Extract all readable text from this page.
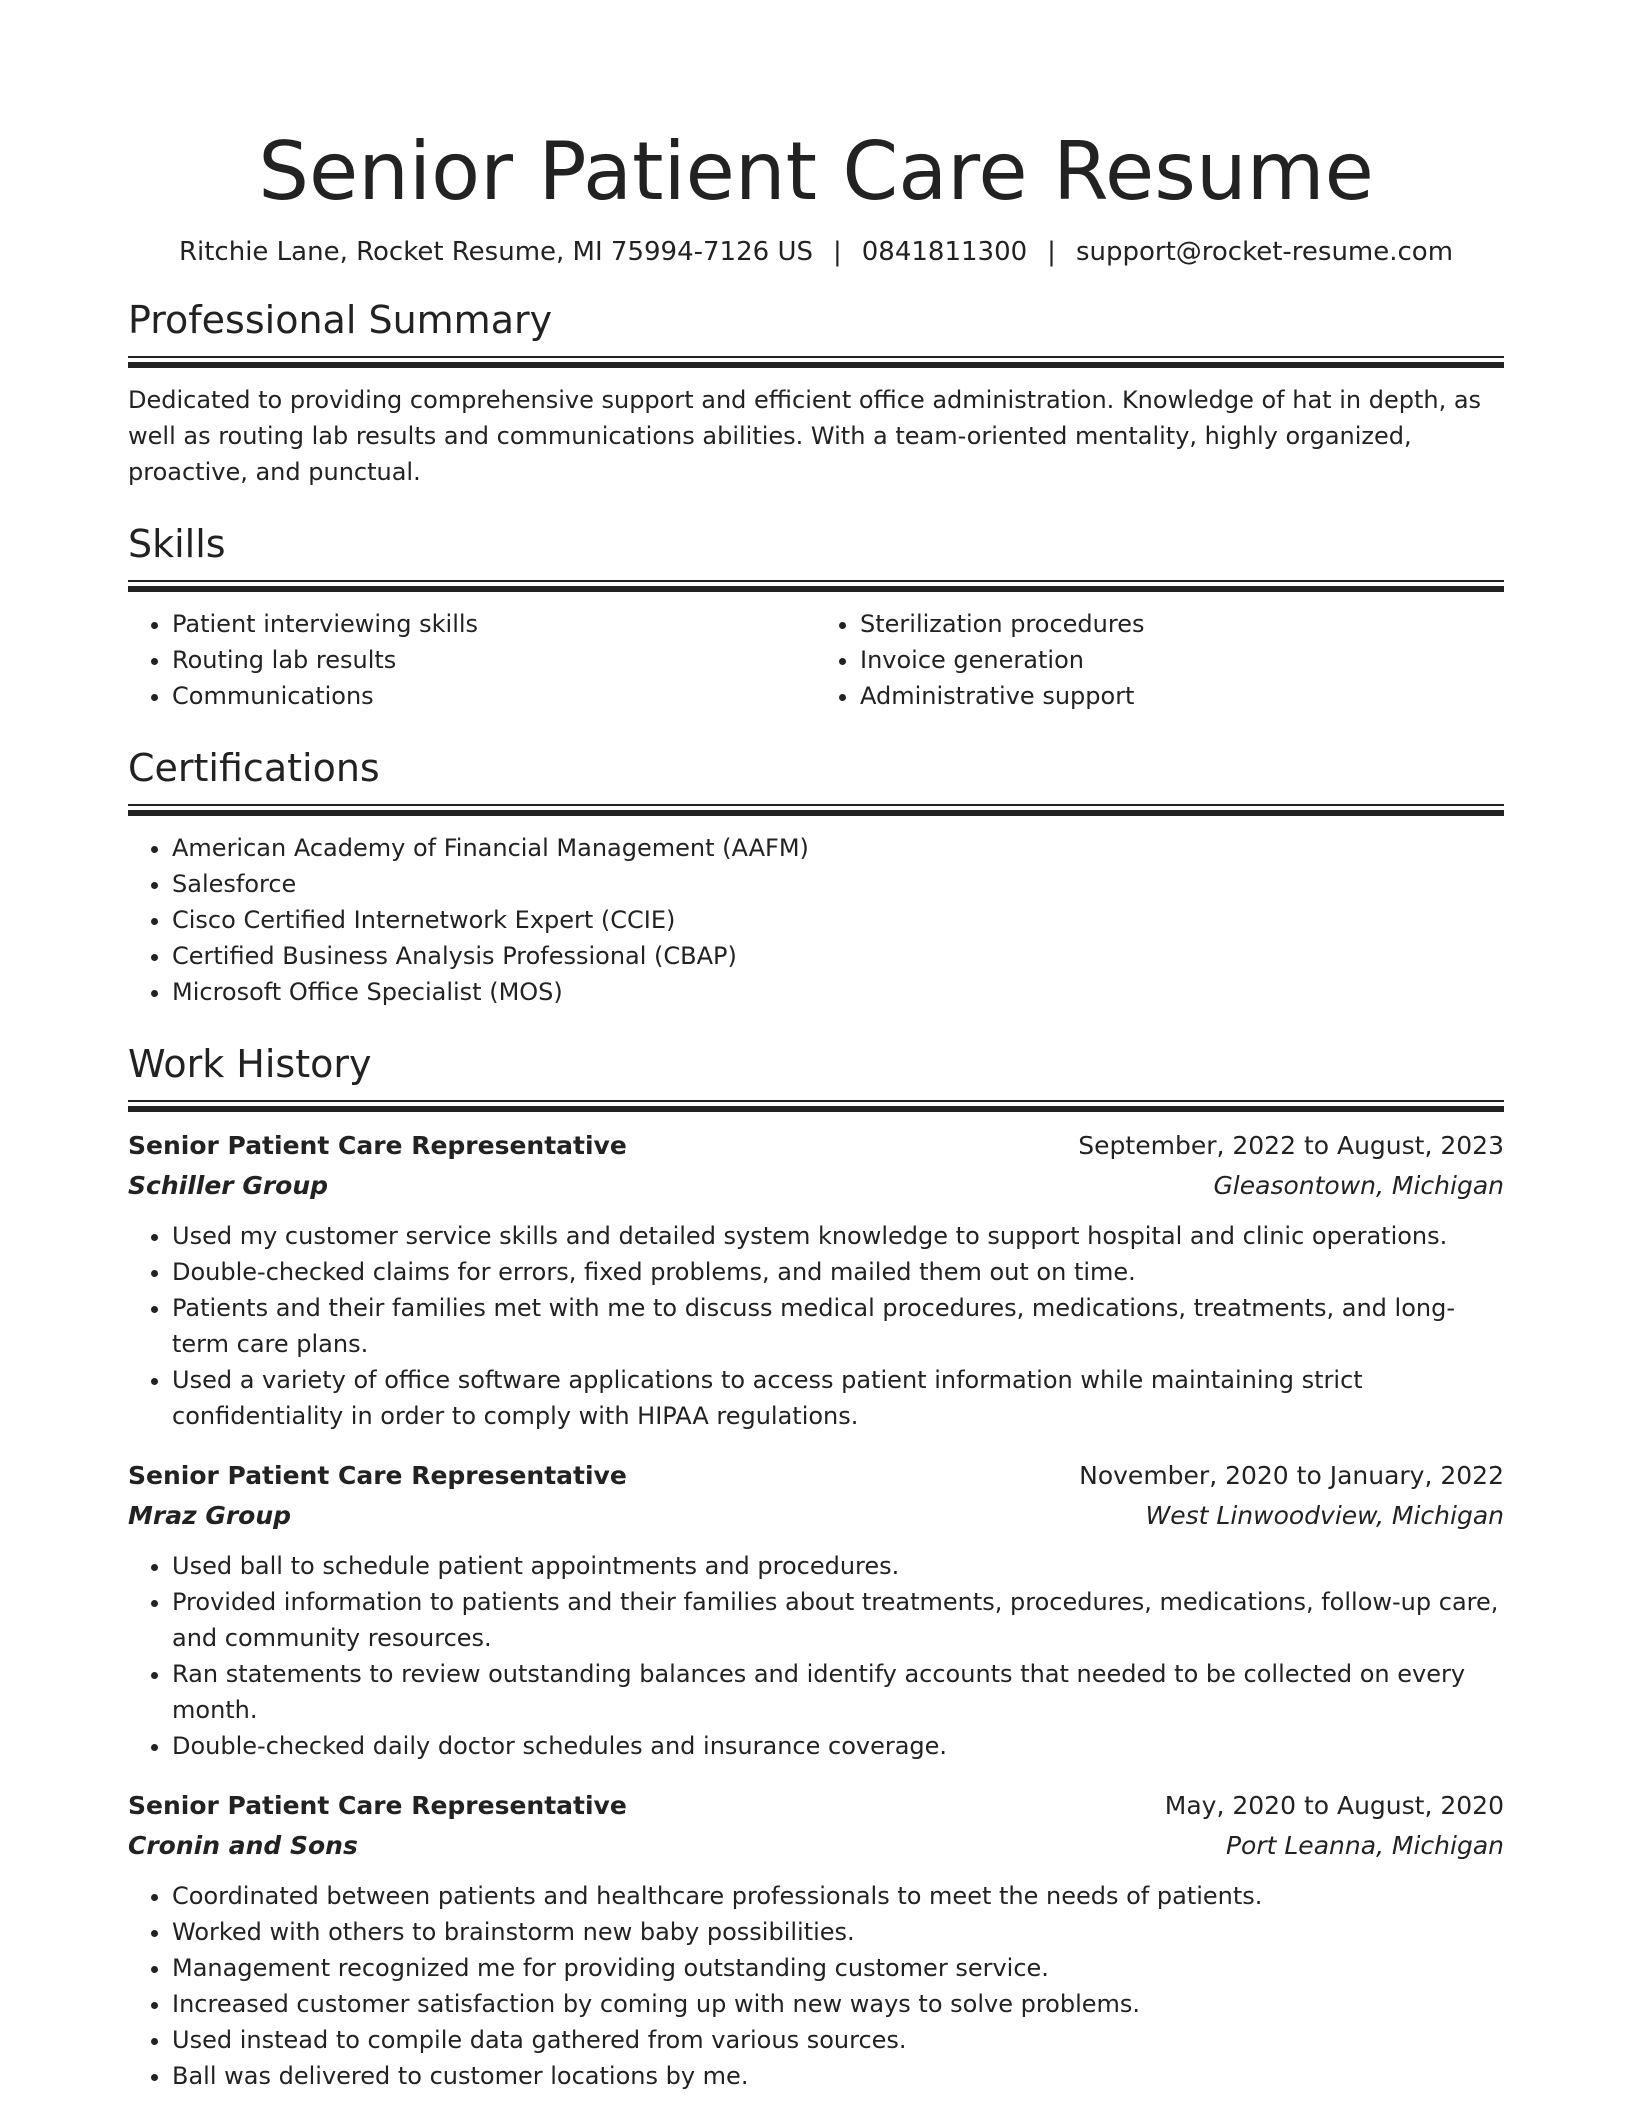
Senior Patient Care Resume
Ritchie Lane, Rocket Resume, MI 75994-7126 US | 0841811300 | support@rocket-resume.com
Professional Summary

Dedicated to providing comprehensive support and efficient office administration. Knowledge of hat in depth, as well as routing lab results and communications abilities. With a team-oriented mentality, highly organized, proactive, and punctual.

Skills
• Patient interviewing skills
• Routing lab results
• Communications
• Sterilization procedures
• Invoice generation
• Administrative support
Certifications
• American Academy of Financial Management (AAFM)
• Salesforce
• Cisco Certified Internetwork Expert (CCIE)
• Certified Business Analysis Professional (CBAP)
• Microsoft Office Specialist (MOS)
Work History
Senior Patient Care Representative	September, 2022 to August, 2023
Schiller Group	Gleasontown, Michigan
• Used my customer service skills and detailed system knowledge to support hospital and clinic operations.
• Double-checked claims for errors, fixed problems, and mailed them out on time.
• Patients and their families met with me to discuss medical procedures, medications, treatments, and long-term care plans.
• Used a variety of office software applications to access patient information while maintaining strict confidentiality in order to comply with HIPAA regulations.
Senior Patient Care Representative	November, 2020 to January, 2022
Mraz Group	West Linwoodview, Michigan
• Used ball to schedule patient appointments and procedures.
• Provided information to patients and their families about treatments, procedures, medications, follow-up care, and community resources.
• Ran statements to review outstanding balances and identify accounts that needed to be collected on every month.
• Double-checked daily doctor schedules and insurance coverage.
Senior Patient Care Representative	May, 2020 to August, 2020
Cronin and Sons	Port Leanna, Michigan
• Coordinated between patients and healthcare professionals to meet the needs of patients.
• Worked with others to brainstorm new baby possibilities.
• Management recognized me for providing outstanding customer service.
• Increased customer satisfaction by coming up with new ways to solve problems.
• Used instead to compile data gathered from various sources.
• Ball was delivered to customer locations by me.
